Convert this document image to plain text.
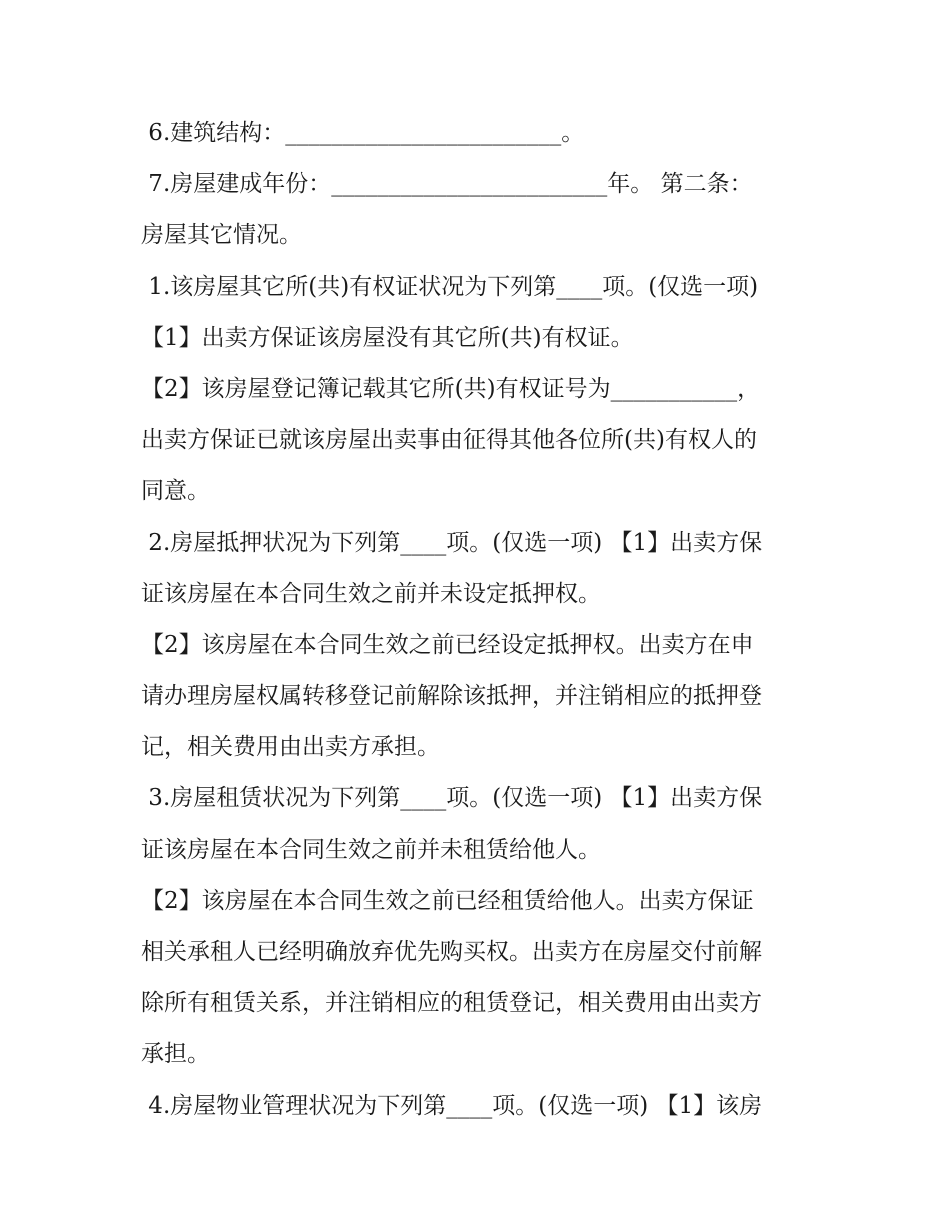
6.建筑结构：________________________。
7.房屋建成年份：________________________年。 第二条：
房屋其它情况。
1.该房屋其它所(共)有权证状况为下列第____项。(仅选一项)
【1】出卖方保证该房屋没有其它所(共)有权证。
【2】该房屋登记簿记载其它所(共)有权证号为___________，
出卖方保证已就该房屋出卖事由征得其他各位所(共)有权人的
同意。
2.房屋抵押状况为下列第____项。(仅选一项) 【1】出卖方保
证该房屋在本合同生效之前并未设定抵押权。
【2】该房屋在本合同生效之前已经设定抵押权。出卖方在申
请办理房屋权属转移登记前解除该抵押，并注销相应的抵押登
记，相关费用由出卖方承担。
3.房屋租赁状况为下列第____项。(仅选一项) 【1】出卖方保
证该房屋在本合同生效之前并未租赁给他人。
【2】该房屋在本合同生效之前已经租赁给他人。出卖方保证
相关承租人已经明确放弃优先购买权。出卖方在房屋交付前解
除所有租赁关系，并注销相应的租赁登记，相关费用由出卖方
承担。
4.房屋物业管理状况为下列第____项。(仅选一项) 【1】该房
